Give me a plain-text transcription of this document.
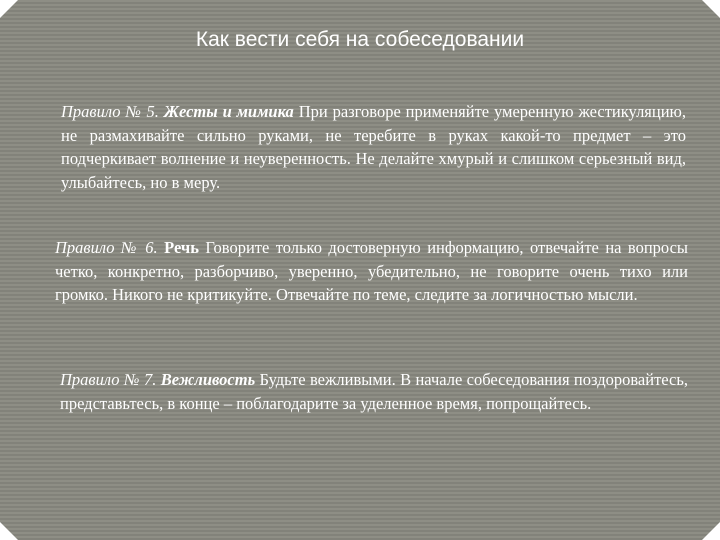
Как вести себя на собеседовании

Правило № 5. Жесты и мимика При разговоре применяйте умеренную жестикуляцию, не размахивайте сильно руками, не теребите в руках какой-то предмет – это подчеркивает волнение и неуверенность. Не делайте хмурый и слишком серьезный вид, улыбайтесь, но в меру.

Правило № 6. Речь Говорите только достоверную информацию, отвечайте на вопросы четко, конкретно, разборчиво, уверенно, убедительно, не говорите очень тихо или громко. Никого не критикуйте. Отвечайте по теме, следите за логичностью мысли.

Правило № 7. Вежливость Будьте вежливыми. В начале собеседования поздоровайтесь, представьтесь, в конце – поблагодарите за уделенное время, попрощайтесь.
